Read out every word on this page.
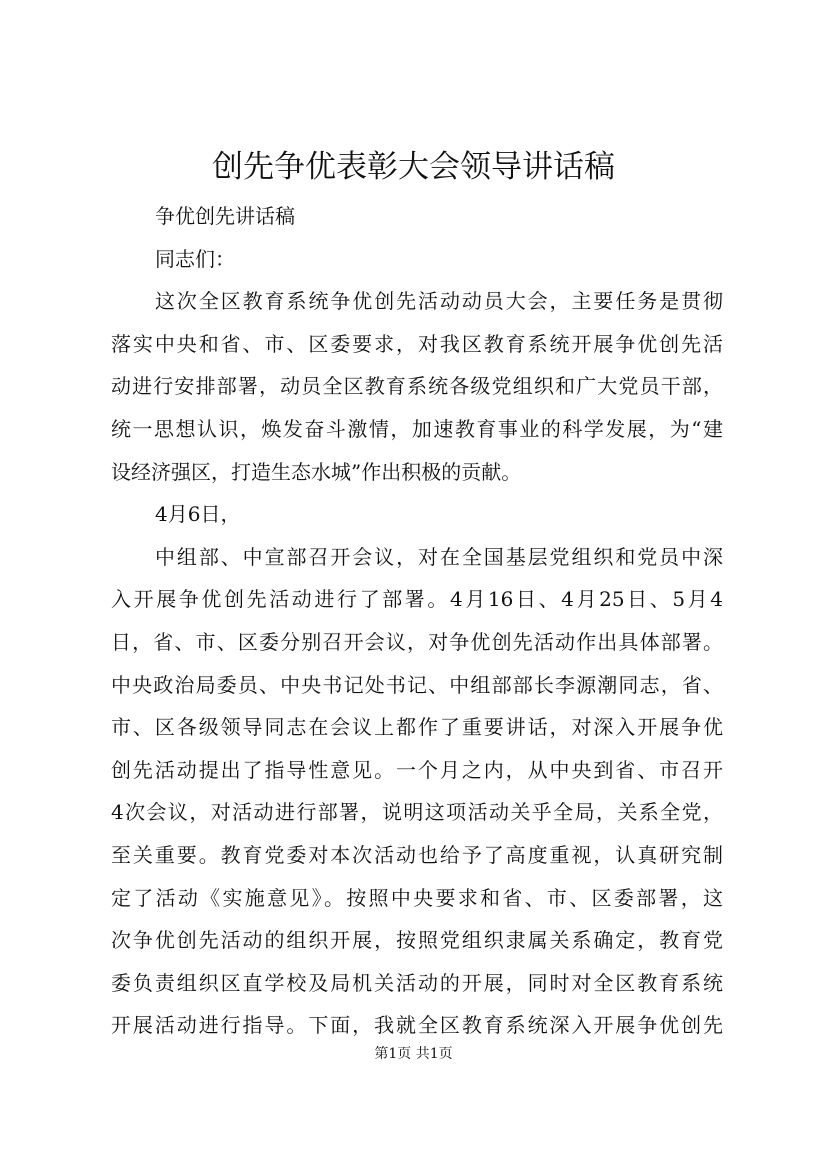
创先争优表彰大会领导讲话稿
争优创先讲话稿
同志们：
这次全区教育系统争优创先活动动员大会，主要任务是贯彻
落实中央和省、市、区委要求，对我区教育系统开展争优创先活
动进行安排部署，动员全区教育系统各级党组织和广大党员干部，
统一思想认识，焕发奋斗激情，加速教育事业的科学发展，为“建
设经济强区，打造生态水城”作出积极的贡献。
4月6日，
中组部、中宣部召开会议，对在全国基层党组织和党员中深
入开展争优创先活动进行了部署。4月16日、4月25日、5月4
日，省、市、区委分别召开会议，对争优创先活动作出具体部署。
中央政治局委员、中央书记处书记、中组部部长李源潮同志，省、
市、区各级领导同志在会议上都作了重要讲话，对深入开展争优
创先活动提出了指导性意见。一个月之内，从中央到省、市召开
4次会议，对活动进行部署，说明这项活动关乎全局，关系全党，
至关重要。教育党委对本次活动也给予了高度重视，认真研究制
定了活动《实施意见》。按照中央要求和省、市、区委部署，这
次争优创先活动的组织开展，按照党组织隶属关系确定，教育党
委负责组织区直学校及局机关活动的开展，同时对全区教育系统
开展活动进行指导。下面，我就全区教育系统深入开展争优创先
第1页 共1页
